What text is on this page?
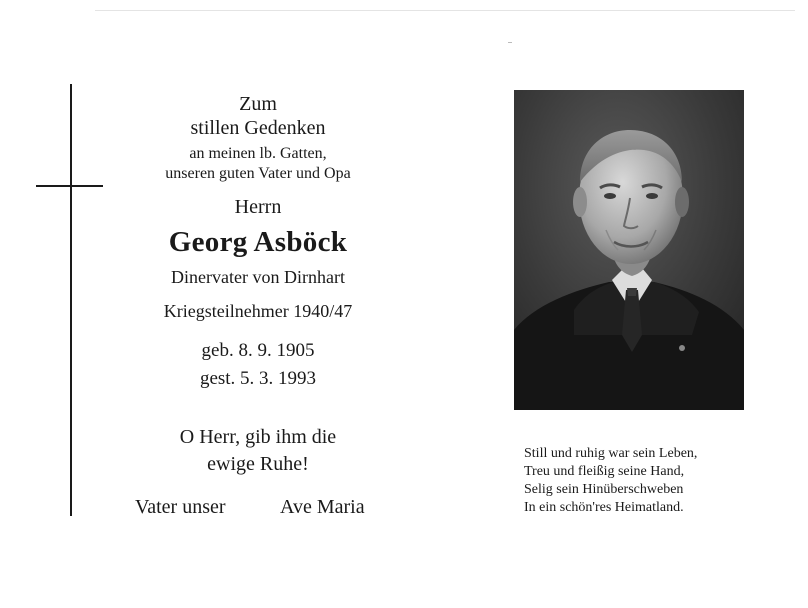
Zum
stillen Gedenken
an meinen lb. Gatten,
unseren guten Vater und Opa
Herrn
Georg Asböck
Dinervater von Dirnhart
Kriegsteilnehmer 1940/47
geb. 8. 9. 1905
gest. 5. 3. 1993
O Herr, gib ihm die
ewige Ruhe!
Vater unser	Ave Maria
Still und ruhig war sein Leben,
Treu und fleißig seine Hand,
Selig sein Hinüberschweben
In ein schön'res Heimatland.
